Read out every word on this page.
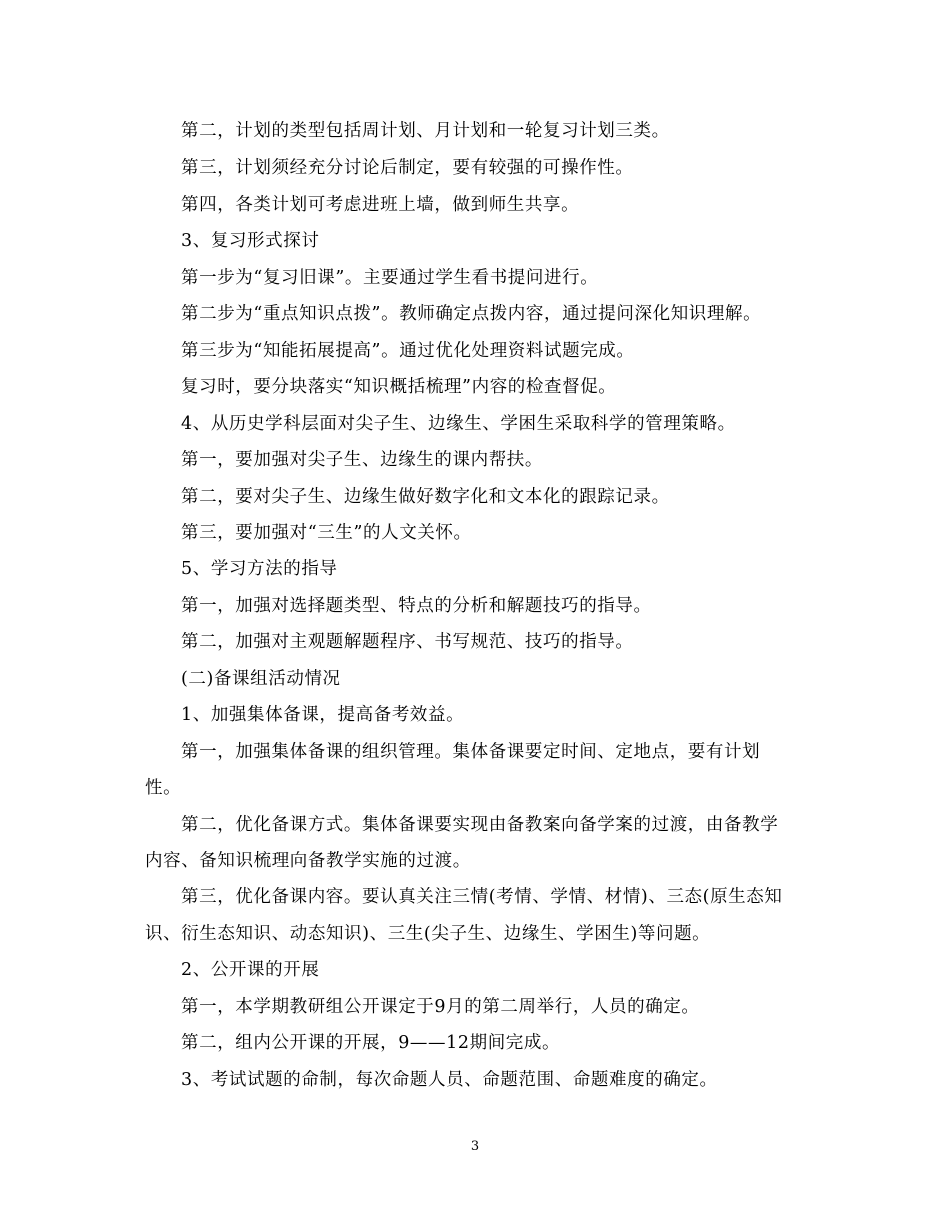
第二，计划的类型包括周计划、月计划和一轮复习计划三类。
第三，计划须经充分讨论后制定，要有较强的可操作性。
第四，各类计划可考虑进班上墙，做到师生共享。
3、复习形式探讨
第一步为“复习旧课”。主要通过学生看书提问进行。
第二步为“重点知识点拨”。教师确定点拨内容，通过提问深化知识理解。
第三步为“知能拓展提高”。通过优化处理资料试题完成。
复习时，要分块落实“知识概括梳理”内容的检查督促。
4、从历史学科层面对尖子生、边缘生、学困生采取科学的管理策略。
第一，要加强对尖子生、边缘生的课内帮扶。
第二，要对尖子生、边缘生做好数字化和文本化的跟踪记录。
第三，要加强对“三生”的人文关怀。
5、学习方法的指导
第一，加强对选择题类型、特点的分析和解题技巧的指导。
第二，加强对主观题解题程序、书写规范、技巧的指导。
(二)备课组活动情况
1、加强集体备课，提高备考效益。
第一，加强集体备课的组织管理。集体备课要定时间、定地点，要有计划
性。
第二，优化备课方式。集体备课要实现由备教案向备学案的过渡，由备教学
内容、备知识梳理向备教学实施的过渡。
第三，优化备课内容。要认真关注三情(考情、学情、材情)、三态(原生态知
识、衍生态知识、动态知识)、三生(尖子生、边缘生、学困生)等问题。
2、公开课的开展
第一，本学期教研组公开课定于9月的第二周举行，人员的确定。
第二，组内公开课的开展，9——12期间完成。
3、考试试题的命制，每次命题人员、命题范围、命题难度的确定。
3
